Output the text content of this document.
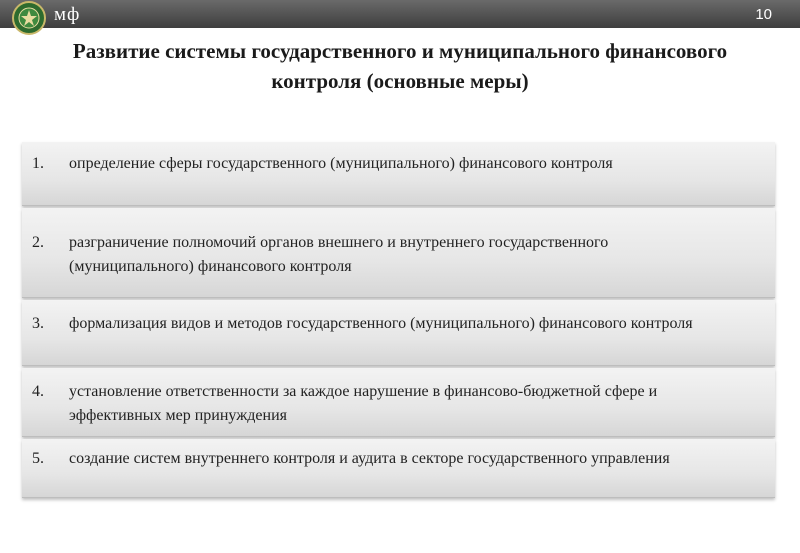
мф	10
Развитие системы государственного и муниципального финансового контроля (основные меры)
1. определение сферы государственного (муниципального) финансового контроля
2. разграничение полномочий органов внешнего и внутреннего государственного (муниципального) финансового контроля
3. формализация видов и методов государственного (муниципального) финансового контроля
4. установление ответственности за каждое нарушение в финансово-бюджетной сфере и эффективных мер принуждения
5. создание систем внутреннего контроля и аудита в секторе государственного управления
